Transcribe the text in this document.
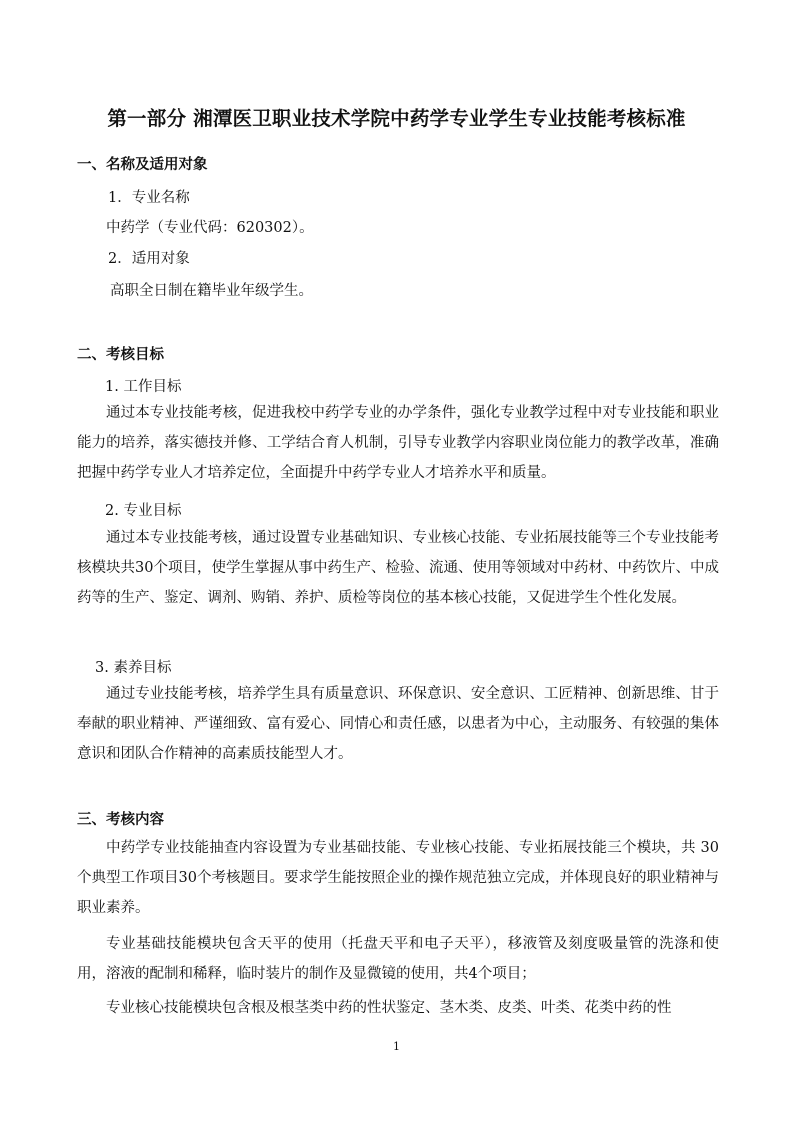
第一部分 湘潭医卫职业技术学院中药学专业学生专业技能考核标准
一、名称及适用对象
1．专业名称
中药学（专业代码：620302）。
2．适用对象
高职全日制在籍毕业年级学生。
二、考核目标
1. 工作目标
通过本专业技能考核，促进我校中药学专业的办学条件，强化专业教学过程中对专业技能和职业能力的培养，落实德技并修、工学结合育人机制，引导专业教学内容职业岗位能力的教学改革，准确把握中药学专业人才培养定位，全面提升中药学专业人才培养水平和质量。
2. 专业目标
通过本专业技能考核，通过设置专业基础知识、专业核心技能、专业拓展技能等三个专业技能考核模块共30个项目，使学生掌握从事中药生产、检验、流通、使用等领域对中药材、中药饮片、中成药等的生产、鉴定、调剂、购销、养护、质检等岗位的基本核心技能，又促进学生个性化发展。
3. 素养目标
通过专业技能考核，培养学生具有质量意识、环保意识、安全意识、工匠精神、创新思维、甘于奉献的职业精神、严谨细致、富有爱心、同情心和责任感，以患者为中心，主动服务、有较强的集体意识和团队合作精神的高素质技能型人才。
三、考核内容
中药学专业技能抽查内容设置为专业基础技能、专业核心技能、专业拓展技能三个模块，共 30个典型工作项目30个考核题目。要求学生能按照企业的操作规范独立完成，并体现良好的职业精神与职业素养。
专业基础技能模块包含天平的使用（托盘天平和电子天平），移液管及刻度吸量管的洗涤和使用，溶液的配制和稀释，临时装片的制作及显微镜的使用，共4个项目；
专业核心技能模块包含根及根茎类中药的性状鉴定、茎木类、皮类、叶类、花类中药的性
1
